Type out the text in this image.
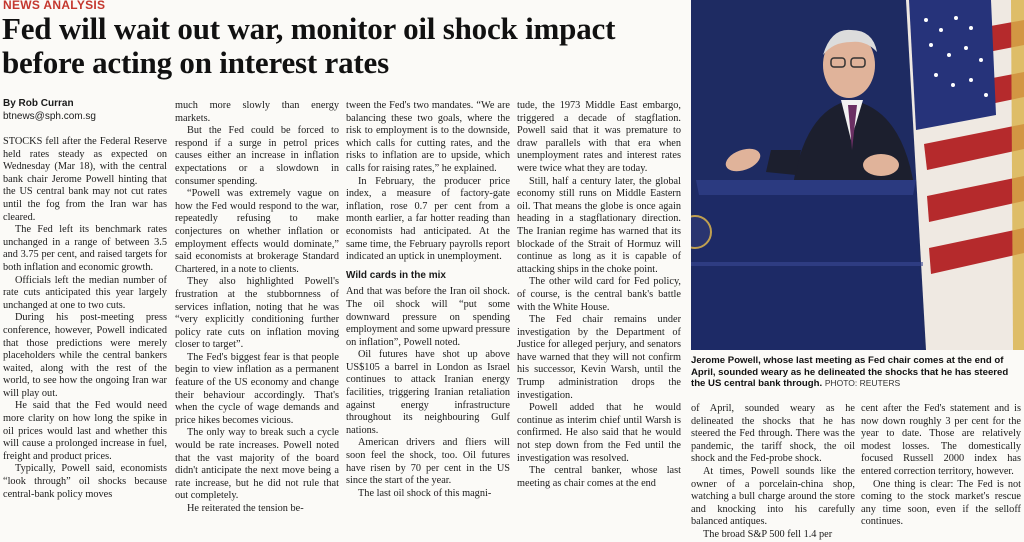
NEWS ANALYSIS
Fed will wait out war, monitor oil shock impact before acting on interest rates
By Rob Curran
btnews@sph.com.sg

STOCKS fell after the Federal Reserve held rates steady as expected on Wednesday (Mar 18), with the central bank chair Jerome Powell hinting that the US central bank may not cut rates until the fog from the Iran war has cleared.

The Fed left its benchmark rates unchanged in a range of between 3.5 and 3.75 per cent, and raised targets for both inflation and economic growth.

Officials left the median number of rate cuts anticipated this year largely unchanged at one to two cuts.

During his post-meeting press conference, however, Powell indicated that those predictions were merely placeholders while the central bankers waited, along with the rest of the world, to see how the ongoing Iran war will play out.

He said that the Fed would need more clarity on how long the spike in oil prices would last and whether this will cause a prolonged increase in fuel, freight and product prices.

Typically, Powell said, economists “look through” oil shocks because central-bank policy moves

much more slowly than energy markets.

But the Fed could be forced to respond if a surge in petrol prices causes either an increase in inflation expectations or a slowdown in consumer spending.

“Powell was extremely vague on how the Fed would respond to the war, repeatedly refusing to make conjectures on whether inflation or employment effects would dominate,” said economists at brokerage Standard Chartered, in a note to clients.

They also highlighted Powell's frustration at the stubbornness of services inflation, noting that he was “very explicitly conditioning further policy rate cuts on inflation moving closer to target”.

The Fed's biggest fear is that people begin to view inflation as a permanent feature of the US economy and change their behaviour accordingly. That's when the cycle of wage demands and price hikes becomes vicious.

The only way to break such a cycle would be rate increases. Powell noted that the vast majority of the board didn't anticipate the next move being a rate increase, but he did not rule that out completely.

He reiterated the tension be-

tween the Fed's two mandates. “We are balancing these two goals, where the risk to employment is to the downside, which calls for cutting rates, and the risks to inflation are to upside, which calls for raising rates,” he explained.

In February, the producer price index, a measure of factory-gate inflation, rose 0.7 per cent from a month earlier, a far hotter reading than economists had anticipated. At the same time, the February payrolls report indicated an uptick in unemployment.

Wild cards in the mix

And that was before the Iran oil shock. The oil shock will “put some downward pressure on spending employment and some upward pressure on inflation”, Powell noted.

Oil futures have shot up above US$105 a barrel in London as Israel continues to attack Iranian energy facilities, triggering Iranian retaliation against energy infrastructure throughout its neighbouring Gulf nations.

American drivers and fliers will soon feel the shock, too. Oil futures have risen by 70 per cent in the US since the start of the year.

The last oil shock of this magni-

tude, the 1973 Middle East embargo, triggered a decade of stagflation. Powell said that it was premature to draw parallels with that era when unemployment rates and interest rates were twice what they are today.

Still, half a century later, the global economy still runs on Middle Eastern oil. That means the globe is once again heading in a stagflationary direction. The Iranian regime has warned that its blockade of the Strait of Hormuz will continue as long as it is capable of attacking ships in the choke point.

The other wild card for Fed policy, of course, is the central bank's battle with the White House.

The Fed chair remains under investigation by the Department of Justice for alleged perjury, and senators have warned that they will not confirm his successor, Kevin Warsh, until the Trump administration drops the investigation.

Powell added that he would continue as interim chief until Warsh is confirmed. He also said that he would not step down from the Fed until the investigation was resolved.

The central banker, whose last meeting as chair comes at the end

Jerome Powell, whose last meeting as Fed chair comes at the end of April, sounded weary as he delineated the shocks that he has steered the US central bank through. PHOTO: REUTERS

of April, sounded weary as he delineated the shocks that he has steered the Fed through. There was the pandemic, the tariff shock, the oil shock and the Fed-probe shock.

At times, Powell sounds like the owner of a porcelain-china shop, watching a bull charge around the store and knocking into his carefully balanced antiques.

The broad S&P 500 fell 1.4 per

cent after the Fed's statement and is now down roughly 3 per cent for the year to date. Those are relatively modest losses. The domestically focused Russell 2000 index has entered correction territory, however.

One thing is clear: The Fed is not coming to the stock market's rescue any time soon, even if the selloff continues.
